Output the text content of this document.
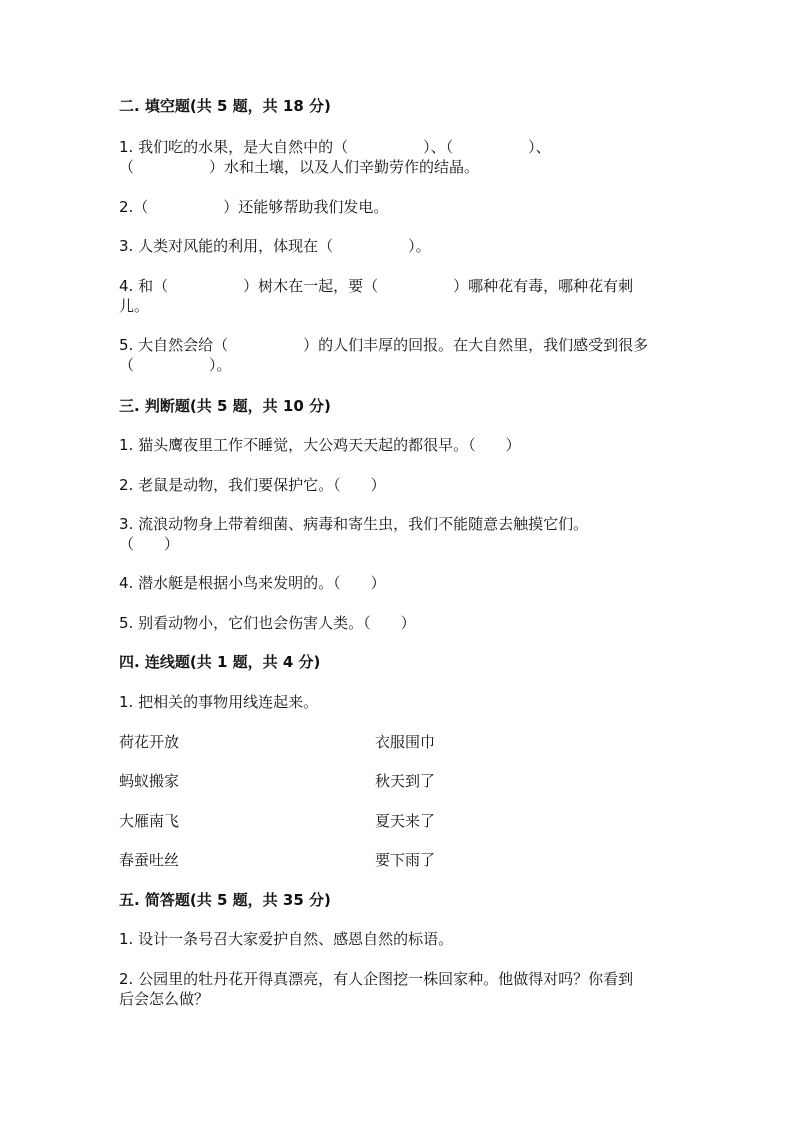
二. 填空题(共 5 题，共 18 分)
1. 我们吃的水果，是大自然中的（　　　　　）、（　　　　　）、
（　　　　　）水和土壤，以及人们辛勤劳作的结晶。
2.（　　　　　）还能够帮助我们发电。
3. 人类对风能的利用，体现在（　　　　　）。
4. 和（　　　　　）树木在一起，要（　　　　　）哪种花有毒，哪种花有刺
儿。
5. 大自然会给（　　　　　）的人们丰厚的回报。在大自然里，我们感受到很多
（　　　　　）。
三. 判断题(共 5 题，共 10 分)
1. 猫头鹰夜里工作不睡觉，大公鸡天天起的都很早。（　　）
2. 老鼠是动物，我们要保护它。（　　）
3. 流浪动物身上带着细菌、病毒和寄生虫，我们不能随意去触摸它们。
（　　）
4. 潜水艇是根据小鸟来发明的。（　　）
5. 别看动物小，它们也会伤害人类。（　　）
四. 连线题(共 1 题，共 4 分)
1. 把相关的事物用线连起来。
荷花开放	衣服围巾
蚂蚁搬家	秋天到了
大雁南飞	夏天来了
春蚕吐丝	要下雨了
五. 简答题(共 5 题，共 35 分)
1. 设计一条号召大家爱护自然、感恩自然的标语。
2. 公园里的牡丹花开得真漂亮，有人企图挖一株回家种。他做得对吗？你看到
后会怎么做？
